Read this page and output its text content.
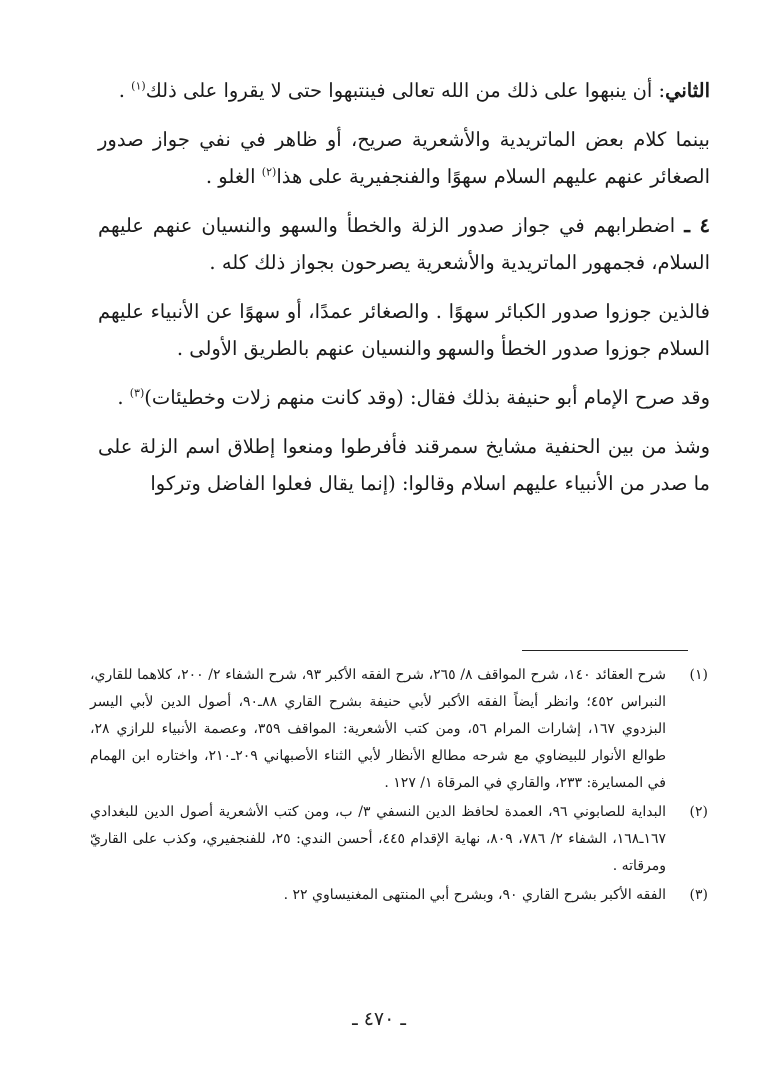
الثاني: أن ينبهوا على ذلك من الله تعالى فينتبهوا حتى لا يقروا على ذلك$^{(١)}$ .

بينما كلام بعض الماتريدية والأشعرية صريح، أو ظاهر في نفي جواز صدور الصغائر عنهم عليهم السلام سهوًا والفنجفيرية على هذا$^{(٢)}$ الغلو .

٤ ـ اضطرابهم في جواز صدور الزلة والخطأ والسهو والنسيان عنهم عليهم السلام، فجمهور الماتريدية والأشعرية يصرحون بجواز ذلك كله .

فالذين جوزوا صدور الكبائر سهوًا . والصغائر عمدًا، أو سهوًا عن الأنبياء عليهم السلام جوزوا صدور الخطأ والسهو والنسيان عنهم بالطريق الأولى .

وقد صرح الإمام أبو حنيفة بذلك فقال: (وقد كانت منهم زلات وخطيئات)$^{(٣)}$ .

وشذ من بين الحنفية مشايخ سمرقند فأفرطوا ومنعوا إطلاق اسم الزلة على ما صدر من الأنبياء عليهم اسلام وقالوا: (إنما يقال فعلوا الفاضل وتركوا

(١)
شرح العقائد ١٤٠، شرح المواقف ٨/ ٢٦٥، شرح الفقه الأكبر ٩٣، شرح الشفاء ٢/ ٢٠٠، كلاهما للقاري، النبراس ٤٥٢؛ وانظر أيضاً الفقه الأكبر لأبي حنيفة بشرح القاري ٨٨ـ٩٠، أصول الدين لأبي اليسر البزدوي ١٦٧، إشارات المرام ٥٦، ومن كتب الأشعرية: المواقف ٣٥٩، وعصمة الأنبياء للرازي ٢٨، طوالع الأنوار للبيضاوي مع شرحه مطالع الأنظار لأبي الثناء الأصبهاني ٢٠٩ـ٢١٠، واختاره ابن الهمام في المسايرة: ٢٣٣، والقاري في المرقاة ١/ ١٢٧ .
(٢)
البداية للصابوني ٩٦، العمدة لحافظ الدين النسفي ٣/ ب، ومن كتب الأشعرية أصول الدين للبغدادي ١٦٧ـ١٦٨، الشفاء ٢/ ٧٨٦، ٨٠٩، نهاية الإقدام ٤٤٥، أحسن الندي: ٢٥، للفنجفيري، وكذب على القاريّ ومرقاته .
(٣)
الفقه الأكبر بشرح القاري ٩٠، وبشرح أبي المنتهى المغنيساوي ٢٢ .
ـ ٤٧٠ ـ
